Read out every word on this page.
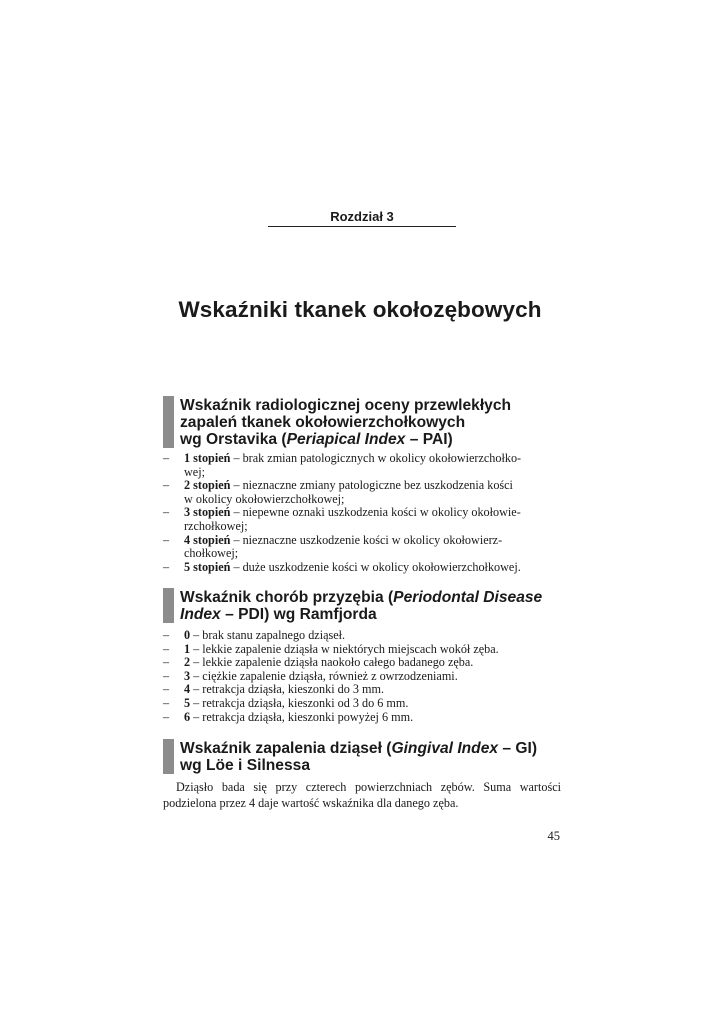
Rozdział 3
Wskaźniki tkanek okołozębowych
Wskaźnik radiologicznej oceny przewlekłych
zapaleń tkanek okołowierzchołkowych
wg Orstavika (Periapical Index – PAI)
– 1 stopień – brak zmian patologicznych w okolicy okołowierzchołko-
wej;
– 2 stopień – nieznaczne zmiany patologiczne bez uszkodzenia kości
w okolicy okołowierzchołkowej;
– 3 stopień – niepewne oznaki uszkodzenia kości w okolicy okołowie-
rzchołkowej;
– 4 stopień – nieznaczne uszkodzenie kości w okolicy okołowierz-
chołkowej;
– 5 stopień – duże uszkodzenie kości w okolicy okołowierzchołkowej.
Wskaźnik chorób przyzębia (Periodontal Disease
Index – PDI) wg Ramfjorda
– 0 – brak stanu zapalnego dziąseł.
– 1 – lekkie zapalenie dziąsła w niektórych miejscach wokół zęba.
– 2 – lekkie zapalenie dziąsła naokoło całego badanego zęba.
– 3 – ciężkie zapalenie dziąsła, również z owrzodzeniami.
– 4 – retrakcja dziąsła, kieszonki do 3 mm.
– 5 – retrakcja dziąsła, kieszonki od 3 do 6 mm.
– 6 – retrakcja dziąsła, kieszonki powyżej 6 mm.
Wskaźnik zapalenia dziąseł (Gingival Index – GI)
wg Löe i Silnessa

Dziąsło bada się przy czterech powierzchniach zębów. Suma wartości podzielona przez 4 daje wartość wskaźnika dla danego zęba.

45
